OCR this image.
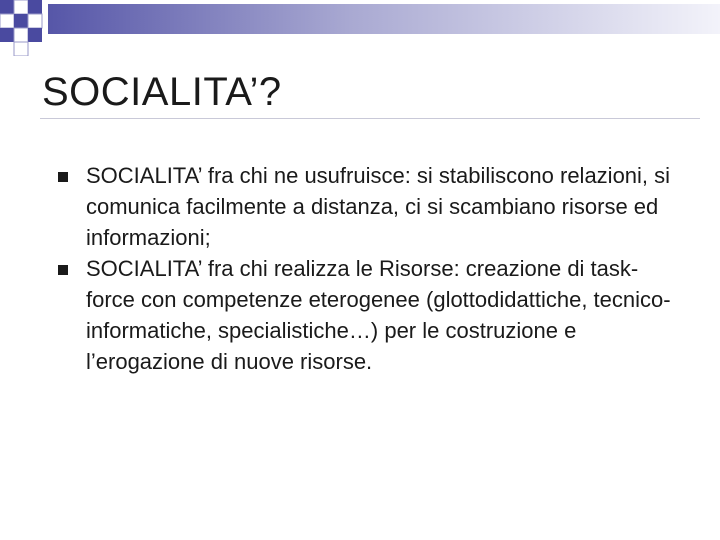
SOCIALITA’?
SOCIALITA’ fra chi ne usufruisce: si stabiliscono relazioni, si comunica facilmente a distanza, ci si scambiano risorse ed informazioni;
SOCIALITA’ fra chi realizza le Risorse: creazione di task-force con competenze eterogenee (glottodidattiche, tecnico-informatiche, specialistiche…) per le costruzione e l’erogazione di nuove risorse.
